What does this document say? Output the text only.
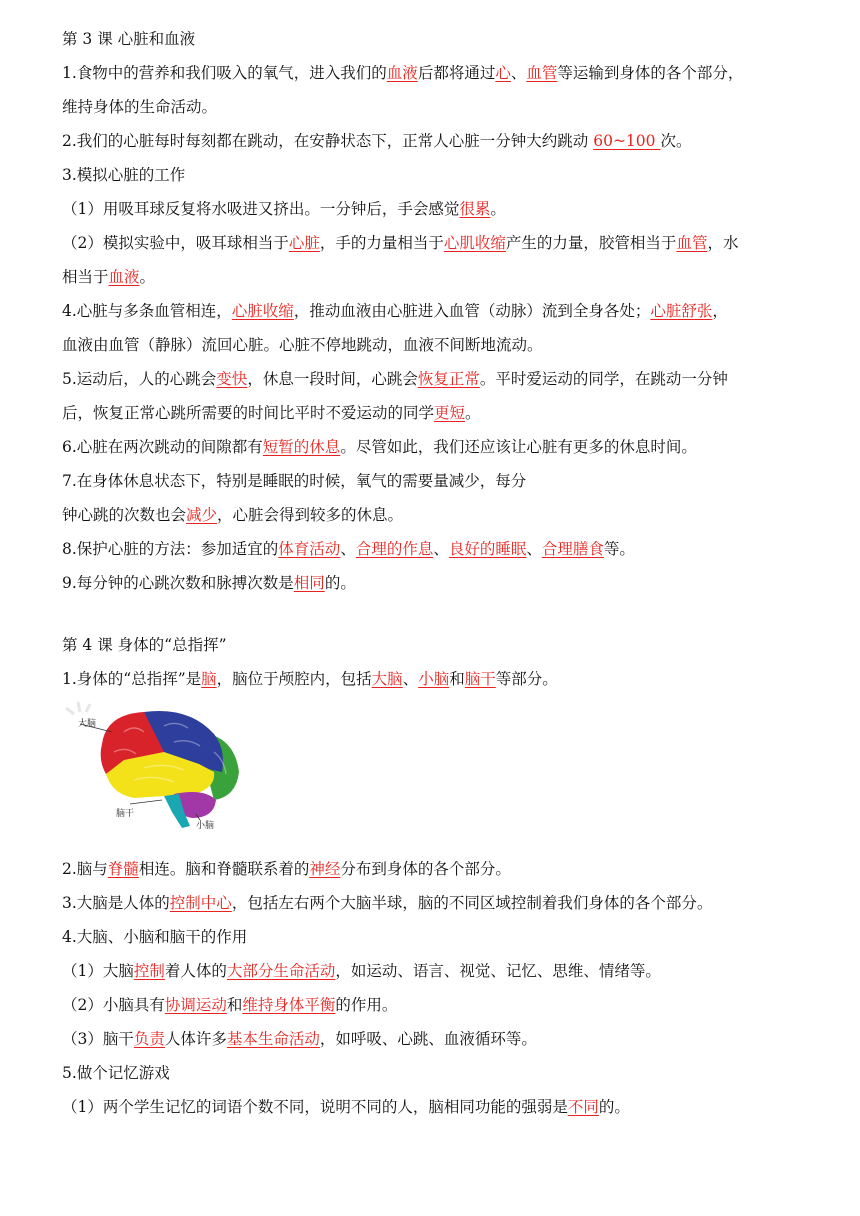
第 3 课 心脏和血液
1.食物中的营养和我们吸入的氧气，进入我们的血液后都将通过心、血管等运输到身体的各个部分，
维持身体的生命活动。
2.我们的心脏每时每刻都在跳动，在安静状态下，正常人心脏一分钟大约跳动 60~100 次。
3.模拟心脏的工作
（1）用吸耳球反复将水吸进又挤出。一分钟后，手会感觉很累。
（2）模拟实验中，吸耳球相当于心脏，手的力量相当于心肌收缩产生的力量，胶管相当于血管，水
相当于血液。
4.心脏与多条血管相连，心脏收缩，推动血液由心脏进入血管（动脉）流到全身各处；心脏舒张，
血液由血管（静脉）流回心脏。心脏不停地跳动，血液不间断地流动。
5.运动后，人的心跳会变快，休息一段时间，心跳会恢复正常。平时爱运动的同学，在跳动一分钟
后，恢复正常心跳所需要的时间比平时不爱运动的同学更短。
6.心脏在两次跳动的间隙都有短暂的休息。尽管如此，我们还应该让心脏有更多的休息时间。
7.在身体休息状态下，特别是睡眠的时候，氧气的需要量减少，每分
钟心跳的次数也会减少，心脏会得到较多的休息。
8.保护心脏的方法：参加适宜的体育活动、合理的作息、良好的睡眠、合理膳食等。
9.每分钟的心跳次数和脉搏次数是相同的。
第 4 课 身体的“总指挥”
1.身体的“总指挥”是脑，脑位于颅腔内，包括大脑、小脑和脑干等部分。
大脑
脑干
小脑
2.脑与脊髓相连。脑和脊髓联系着的神经分布到身体的各个部分。
3.大脑是人体的控制中心，包括左右两个大脑半球，脑的不同区域控制着我们身体的各个部分。
4.大脑、小脑和脑干的作用
（1）大脑控制着人体的大部分生命活动，如运动、语言、视觉、记忆、思维、情绪等。
（2）小脑具有协调运动和维持身体平衡的作用。
（3）脑干负责人体许多基本生命活动，如呼吸、心跳、血液循环等。
5.做个记忆游戏
（1）两个学生记忆的词语个数不同，说明不同的人，脑相同功能的强弱是不同的。
